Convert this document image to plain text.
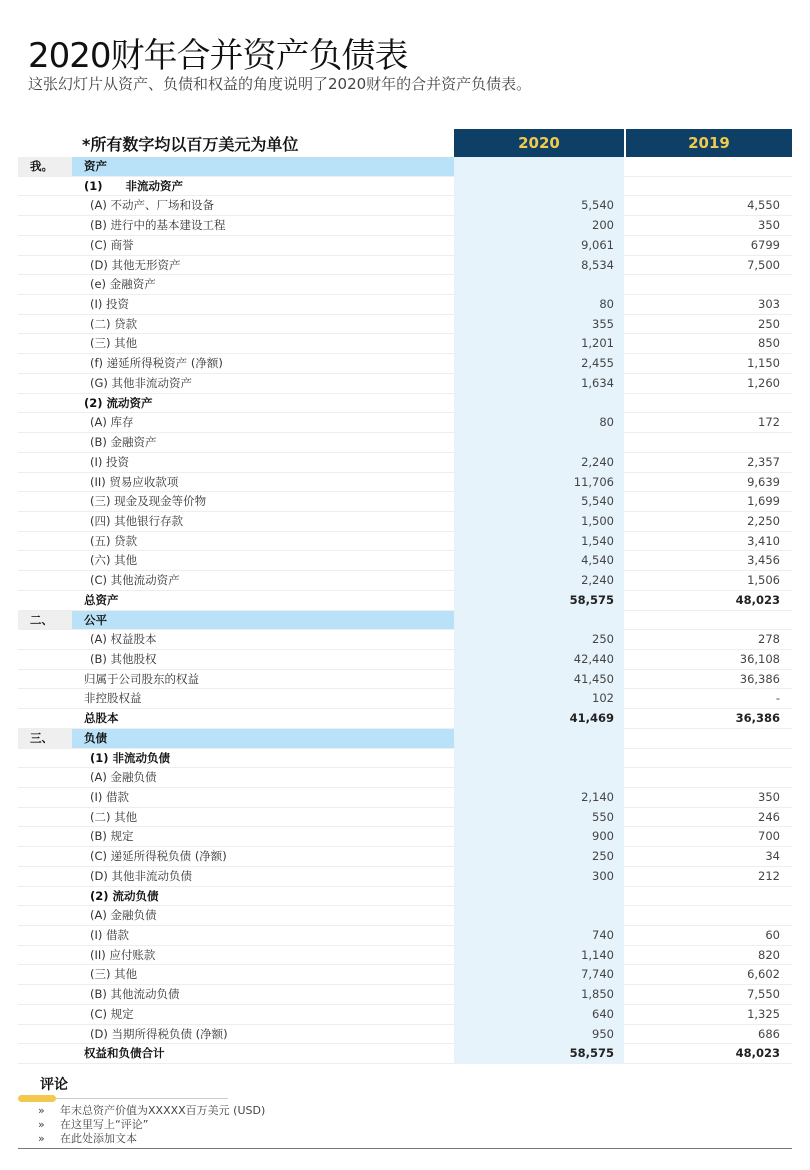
2020财年合并资产负债表
这张幻灯片从资产、负债和权益的角度说明了2020财年的合并资产负债表。
*所有数字均以百万美元为单位	2020	2019
我。	资产
(1)　　非流动资产
(A) 不动产、厂场和设备	5,540	4,550
(B) 进行中的基本建设工程	200	350
(C) 商誉	9,061	6799
(D) 其他无形资产	8,534	7,500
(e) 金融资产
(I) 投资	80	303
(二) 贷款	355	250
(三) 其他	1,201	850
(f) 递延所得税资产 (净额)	2,455	1,150
(G) 其他非流动资产	1,634	1,260
(2) 流动资产
(A) 库存	80	172
(B) 金融资产
(I) 投资	2,240	2,357
(II) 贸易应收款项	11,706	9,639
(三) 现金及现金等价物	5,540	1,699
(四) 其他银行存款	1,500	2,250
(五) 贷款	1,540	3,410
(六) 其他	4,540	3,456
(C) 其他流动资产	2,240	1,506
总资产	58,575	48,023
二、	公平
(A) 权益股本	250	278
(B) 其他股权	42,440	36,108
归属于公司股东的权益	41,450	36,386
非控股权益	102	-
总股本	41,469	36,386
三、	负债
(1) 非流动负债
(A) 金融负债
(I) 借款	2,140	350
(二) 其他	550	246
(B) 规定	900	700
(C) 递延所得税负债 (净额)	250	34
(D) 其他非流动负债	300	212
(2) 流动负债
(A) 金融负债
(I) 借款	740	60
(II) 应付账款	1,140	820
(三) 其他	7,740	6,602
(B) 其他流动负债	1,850	7,550
(C) 规定	640	1,325
(D) 当期所得税负债 (净额)	950	686
权益和负债合计	58,575	48,023
评论
» 年末总资产价值为XXXXX百万美元 (USD)
» 在这里写上“评论”
» 在此处添加文本
